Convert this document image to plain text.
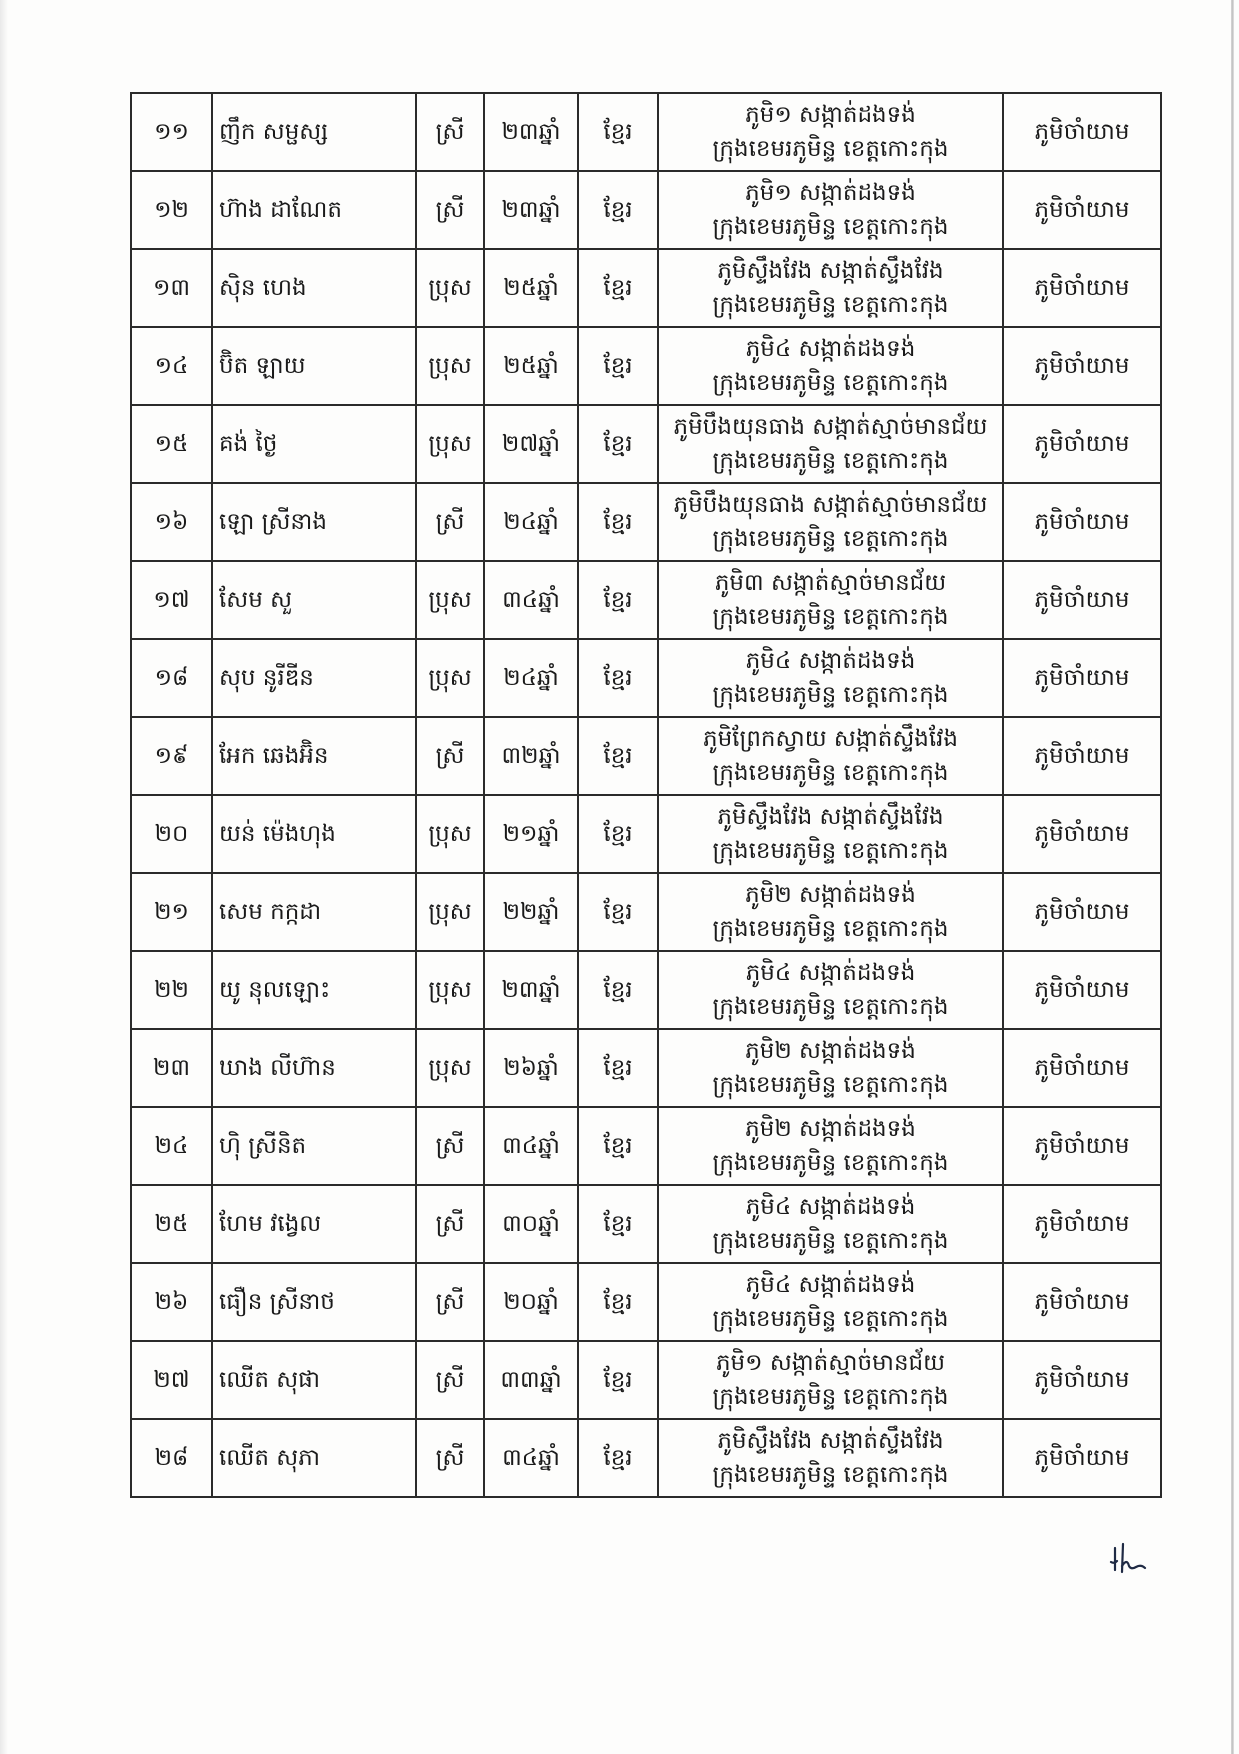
១១	ញឹក សម្ផស្ស	ស្រី	២៣ឆ្នាំ	ខ្មែរ	ភូមិ១ សង្កាត់ដងទង់
ក្រុងខេមរភូមិន្ទ ខេត្តកោះកុង	ភូមិចាំយាម
១២	ហ៊ាង ដាណែត	ស្រី	២៣ឆ្នាំ	ខ្មែរ	ភូមិ១ សង្កាត់ដងទង់
ក្រុងខេមរភូមិន្ទ ខេត្តកោះកុង	ភូមិចាំយាម
១៣	ស៊ិន ហេង	ប្រុស	២៥ឆ្នាំ	ខ្មែរ	ភូមិស្ទឹងវែង សង្កាត់ស្ទឹងវែង
ក្រុងខេមរភូមិន្ទ ខេត្តកោះកុង	ភូមិចាំយាម
១៤	ប៊ិត ឡាយ	ប្រុស	២៥ឆ្នាំ	ខ្មែរ	ភូមិ៤ សង្កាត់ដងទង់
ក្រុងខេមរភូមិន្ទ ខេត្តកោះកុង	ភូមិចាំយាម
១៥	គង់ ថ្ងៃ	ប្រុស	២៧ឆ្នាំ	ខ្មែរ	ភូមិបឹងយុនធាង សង្កាត់ស្មាច់មានជ័យ
ក្រុងខេមរភូមិន្ទ ខេត្តកោះកុង	ភូមិចាំយាម
១៦	ឡេា ស្រីនាង	ស្រី	២៤ឆ្នាំ	ខ្មែរ	ភូមិបឹងយុនធាង សង្កាត់ស្មាច់មានជ័យ
ក្រុងខេមរភូមិន្ទ ខេត្តកោះកុង	ភូមិចាំយាម
១៧	សែម សួ	ប្រុស	៣៤ឆ្នាំ	ខ្មែរ	ភូមិ៣ សង្កាត់ស្មាច់មានជ័យ
ក្រុងខេមរភូមិន្ទ ខេត្តកោះកុង	ភូមិចាំយាម
១៨	សុប នូរីឌីន	ប្រុស	២៤ឆ្នាំ	ខ្មែរ	ភូមិ៤ សង្កាត់ដងទង់
ក្រុងខេមរភូមិន្ទ ខេត្តកោះកុង	ភូមិចាំយាម
១៩	អែក ឆេងអ៊ិន	ស្រី	៣២ឆ្នាំ	ខ្មែរ	ភូមិព្រែកស្វាយ សង្កាត់ស្ទឹងវែង
ក្រុងខេមរភូមិន្ទ ខេត្តកោះកុង	ភូមិចាំយាម
២០	យន់ ម៉េងហុង	ប្រុស	២១ឆ្នាំ	ខ្មែរ	ភូមិស្ទឹងវែង សង្កាត់ស្ទឹងវែង
ក្រុងខេមរភូមិន្ទ ខេត្តកោះកុង	ភូមិចាំយាម
២១	សេម កក្កដា	ប្រុស	២២ឆ្នាំ	ខ្មែរ	ភូមិ២ សង្កាត់ដងទង់
ក្រុងខេមរភូមិន្ទ ខេត្តកោះកុង	ភូមិចាំយាម
២២	យូ នុលឡោះ	ប្រុស	២៣ឆ្នាំ	ខ្មែរ	ភូមិ៤ សង្កាត់ដងទង់
ក្រុងខេមរភូមិន្ទ ខេត្តកោះកុង	ភូមិចាំយាម
២៣	ឃាង លីហ៊ាន	ប្រុស	២៦ឆ្នាំ	ខ្មែរ	ភូមិ២ សង្កាត់ដងទង់
ក្រុងខេមរភូមិន្ទ ខេត្តកោះកុង	ភូមិចាំយាម
២៤	ហ៊ិ ស្រីនិត	ស្រី	៣៤ឆ្នាំ	ខ្មែរ	ភូមិ២ សង្កាត់ដងទង់
ក្រុងខេមរភូមិន្ទ ខេត្តកោះកុង	ភូមិចាំយាម
២៥	ហែម វង្វេល	ស្រី	៣០ឆ្នាំ	ខ្មែរ	ភូមិ៤ សង្កាត់ដងទង់
ក្រុងខេមរភូមិន្ទ ខេត្តកោះកុង	ភូមិចាំយាម
២៦	ធឿន ស្រីនាថ	ស្រី	២០ឆ្នាំ	ខ្មែរ	ភូមិ៤ សង្កាត់ដងទង់
ក្រុងខេមរភូមិន្ទ ខេត្តកោះកុង	ភូមិចាំយាម
២៧	ឈើត សុផា	ស្រី	៣៣ឆ្នាំ	ខ្មែរ	ភូមិ១ សង្កាត់ស្មាច់មានជ័យ
ក្រុងខេមរភូមិន្ទ ខេត្តកោះកុង	ភូមិចាំយាម
២៨	ឈើត សុភា	ស្រី	៣៤ឆ្នាំ	ខ្មែរ	ភូមិស្ទឹងវែង សង្កាត់ស្ទឹងវែង
ក្រុងខេមរភូមិន្ទ ខេត្តកោះកុង	ភូមិចាំយាម
